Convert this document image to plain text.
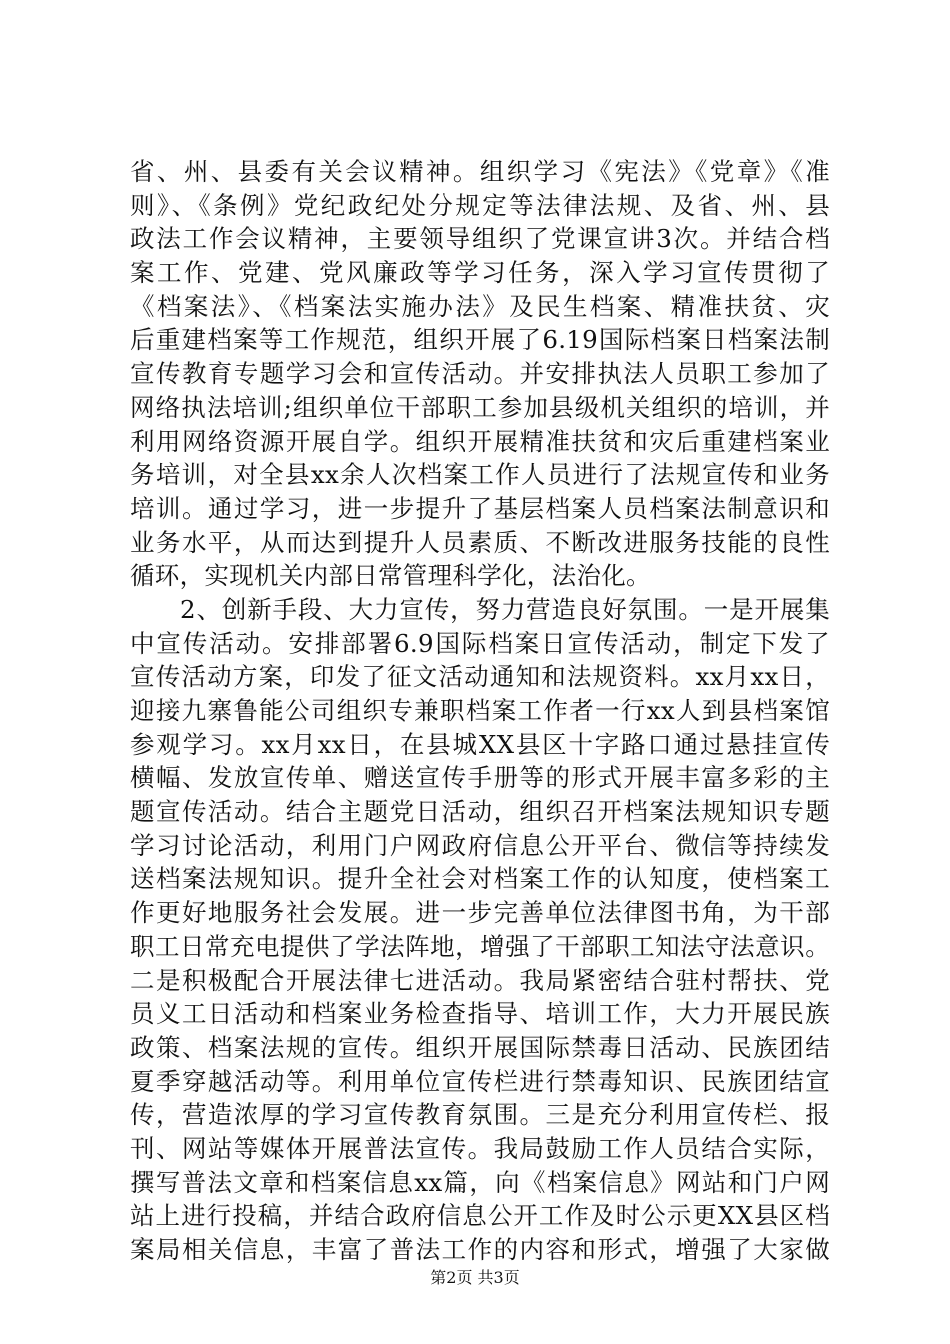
省、州、县委有关会议精神。组织学习《宪法》《党章》《准
则》、《条例》党纪政纪处分规定等法律法规、及省、州、县
政法工作会议精神，主要领导组织了党课宣讲3次。并结合档
案工作、党建、党风廉政等学习任务，深入学习宣传贯彻了
《档案法》、《档案法实施办法》及民生档案、精准扶贫、灾
后重建档案等工作规范，组织开展了6.19国际档案日档案法制
宣传教育专题学习会和宣传活动。并安排执法人员职工参加了
网络执法培训;组织单位干部职工参加县级机关组织的培训，并
利用网络资源开展自学。组织开展精准扶贫和灾后重建档案业
务培训，对全县xx余人次档案工作人员进行了法规宣传和业务
培训。通过学习，进一步提升了基层档案人员档案法制意识和
业务水平，从而达到提升人员素质、不断改进服务技能的良性
循环，实现机关内部日常管理科学化，法治化。
2、创新手段、大力宣传，努力营造良好氛围。一是开展集
中宣传活动。安排部署6.9国际档案日宣传活动，制定下发了
宣传活动方案，印发了征文活动通知和法规资料。xx月xx日，
迎接九寨鲁能公司组织专兼职档案工作者一行xx人到县档案馆
参观学习。xx月xx日，在县城XX县区十字路口通过悬挂宣传
横幅、发放宣传单、赠送宣传手册等的形式开展丰富多彩的主
题宣传活动。结合主题党日活动，组织召开档案法规知识专题
学习讨论活动，利用门户网政府信息公开平台、微信等持续发
送档案法规知识。提升全社会对档案工作的认知度，使档案工
作更好地服务社会发展。进一步完善单位法律图书角，为干部
职工日常充电提供了学法阵地，增强了干部职工知法守法意识。
二是积极配合开展法律七进活动。我局紧密结合驻村帮扶、党
员义工日活动和档案业务检查指导、培训工作，大力开展民族
政策、档案法规的宣传。组织开展国际禁毒日活动、民族团结
夏季穿越活动等。利用单位宣传栏进行禁毒知识、民族团结宣
传，营造浓厚的学习宣传教育氛围。三是充分利用宣传栏、报
刊、网站等媒体开展普法宣传。我局鼓励工作人员结合实际，
撰写普法文章和档案信息xx篇，向《档案信息》网站和门户网
站上进行投稿，并结合政府信息公开工作及时公示更XX县区档
案局相关信息，丰富了普法工作的内容和形式，增强了大家做
第2页 共3页
